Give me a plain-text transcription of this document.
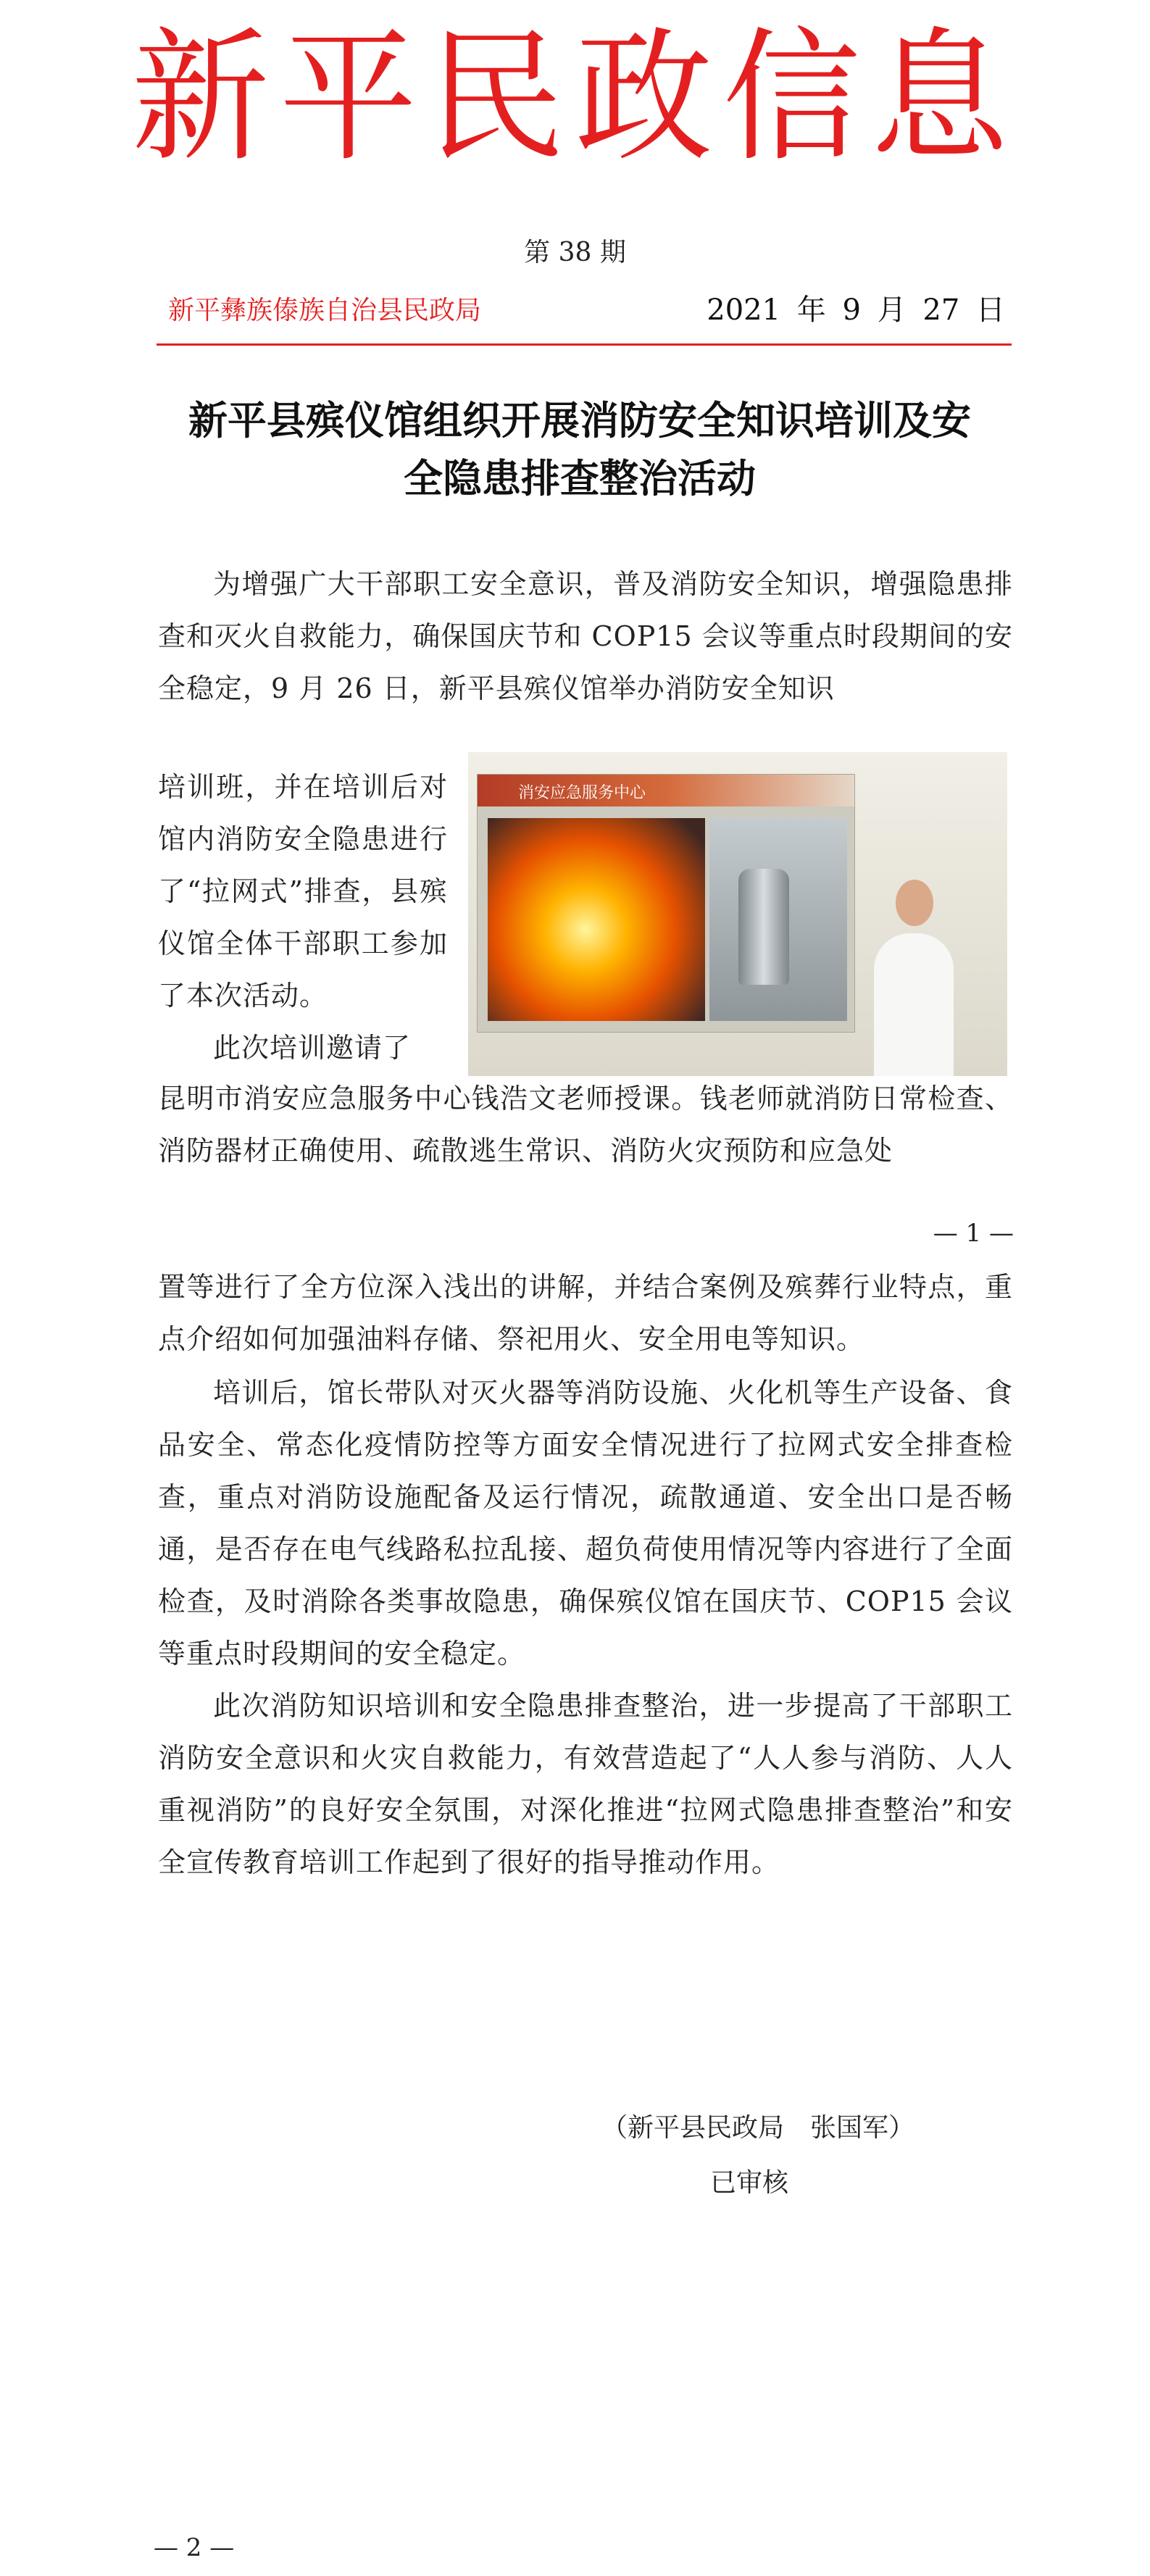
新平民政信息
第 38 期
新平彝族傣族自治县民政局	2021 年 9 月 27 日
新平县殡仪馆组织开展消防安全知识培训及安
全隐患排查整治活动

为增强广大干部职工安全意识，普及消防安全知识，增强隐患排查和灭火自救能力，确保国庆节和 COP15 会议等重点时段期间的安全稳定，9 月 26 日，新平县殡仪馆举办消防安全知识

培训班，并在培训后对馆内消防安全隐患进行了“拉网式”排查，县殡仪馆全体干部职工参加了本次活动。
消安应急服务中心

此次培训邀请了

昆明市消安应急服务中心钱浩文老师授课。钱老师就消防日常检查、消防器材正确使用、疏散逃生常识、消防火灾预防和应急处
— 1 —
置等进行了全方位深入浅出的讲解，并结合案例及殡葬行业特点，重点介绍如何加强油料存储、祭祀用火、安全用电等知识。

培训后，馆长带队对灭火器等消防设施、火化机等生产设备、食品安全、常态化疫情防控等方面安全情况进行了拉网式安全排查检查，重点对消防设施配备及运行情况，疏散通道、安全出口是否畅通，是否存在电气线路私拉乱接、超负荷使用情况等内容进行了全面检查，及时消除各类事故隐患，确保殡仪馆在国庆节、COP15 会议等重点时段期间的安全稳定。

此次消防知识培训和安全隐患排查整治，进一步提高了干部职工消防安全意识和火灾自救能力，有效营造起了“人人参与消防、人人重视消防”的良好安全氛围，对深化推进“拉网式隐患排查整治”和安全宣传教育培训工作起到了很好的指导推动作用。

（新平县民政局　张国军）
已审核
— 2 —
